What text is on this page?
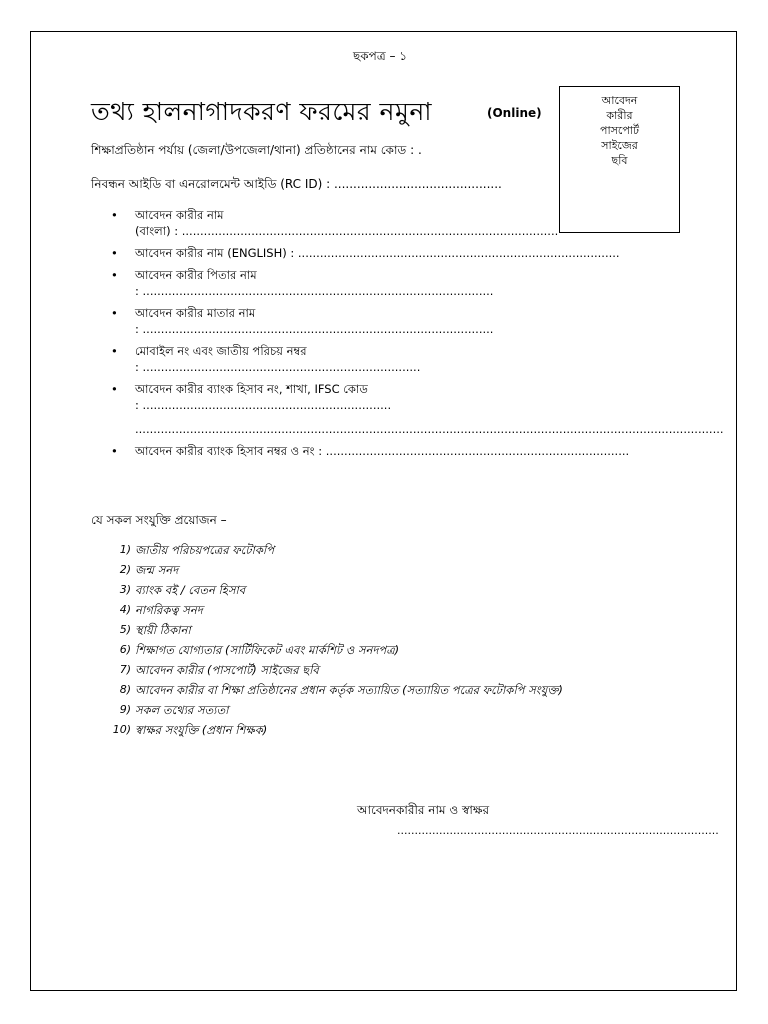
ছকপত্র – ১
তথ্য হালনাগাদকরণ ফরমের নমুনা	(Online)
আবেদন
কারীর
পাসপোর্ট
সাইজের
ছবি
শিক্ষাপ্রতিষ্ঠান পর্যায় (জেলা/উপজেলা/থানা) প্রতিষ্ঠানের নাম কোড : .
নিবন্ধন আইডি বা এনরোলমেন্ট আইডি (RC ID) : ............................................
• আবেদন কারীর নাম
(বাংলা) : .......................................................................................................
• আবেদন কারীর নাম (ENGLISH) : ........................................................................................
• আবেদন কারীর পিতার নাম
: ................................................................................................
• আবেদন কারীর মাতার নাম
: ................................................................................................
• মোবাইল নং এবং জাতীয় পরিচয় নম্বর
: ............................................................................
• আবেদন কারীর ব্যাংক হিসাব নং, শাখা, IFSC কোড
: ....................................................................
.................................................................................................................................................................
• আবেদন কারীর ব্যাংক হিসাব নম্বর ও নং : ...................................................................................
যে সকল সংযুক্তি প্রয়োজন –
1) জাতীয় পরিচয়পত্রের ফটোকপি
2) জন্ম সনদ
3) ব্যাংক বই / বেতন হিসাব
4) নাগরিকত্ব সনদ
5) স্থায়ী ঠিকানা
6) শিক্ষাগত যোগ্যতার (সার্টিফিকেট এবং মার্কশিট ও সনদপত্র)
7) আবেদন কারীর (পাসপোর্ট) সাইজের ছবি
8) আবেদন কারীর বা শিক্ষা প্রতিষ্ঠানের প্রধান কর্তৃক সত্যায়িত (সত্যায়িত পত্রের ফটোকপি সংযুক্ত)
9) সকল তথ্যের সত্যতা
10) স্বাক্ষর সংযুক্তি (প্রধান শিক্ষক)
আবেদনকারীর নাম ও স্বাক্ষর
............................................................................................
